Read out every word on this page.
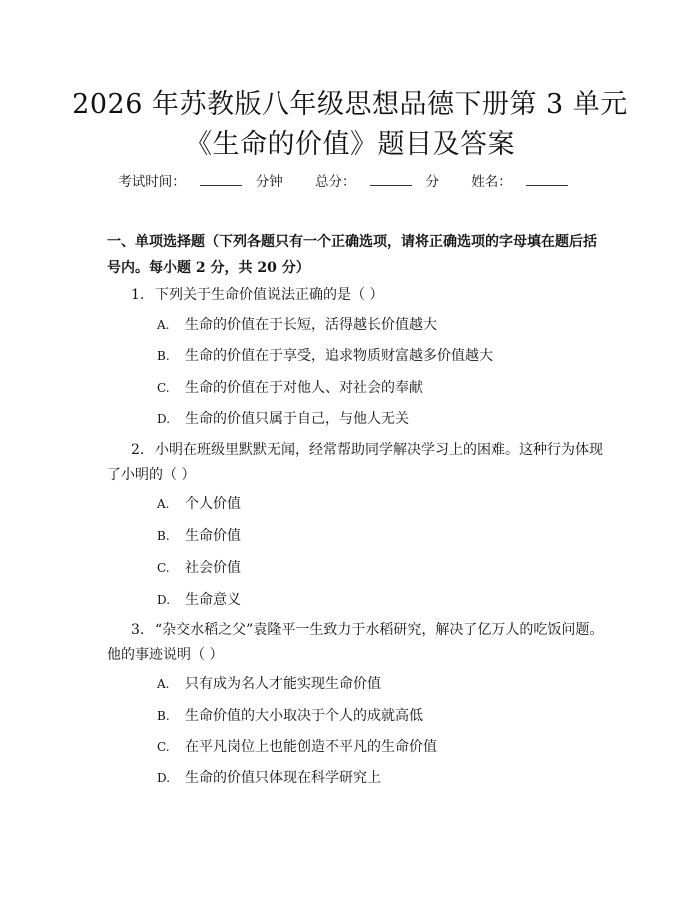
2026 年苏教版八年级思想品德下册第 3 单元
《生命的价值》题目及答案
考试时间：	分钟 总分：	分 姓名：
一、单项选择题（下列各题只有一个正确选项，请将正确选项的字母填在题后括号内。每小题 2 分，共 20 分）
1. 下列关于生命价值说法正确的是（ ）
A. 生命的价值在于长短，活得越长价值越大
B. 生命的价值在于享受，追求物质财富越多价值越大
C. 生命的价值在于对他人、对社会的奉献
D. 生命的价值只属于自己，与他人无关
2. 小明在班级里默默无闻，经常帮助同学解决学习上的困难。这种行为体现了小明的（ ）
A. 个人价值
B. 生命价值
C. 社会价值
D. 生命意义
3. “杂交水稻之父”袁隆平一生致力于水稻研究，解决了亿万人的吃饭问题。他的事迹说明（ ）
A. 只有成为名人才能实现生命价值
B. 生命价值的大小取决于个人的成就高低
C. 在平凡岗位上也能创造不平凡的生命价值
D. 生命的价值只体现在科学研究上
